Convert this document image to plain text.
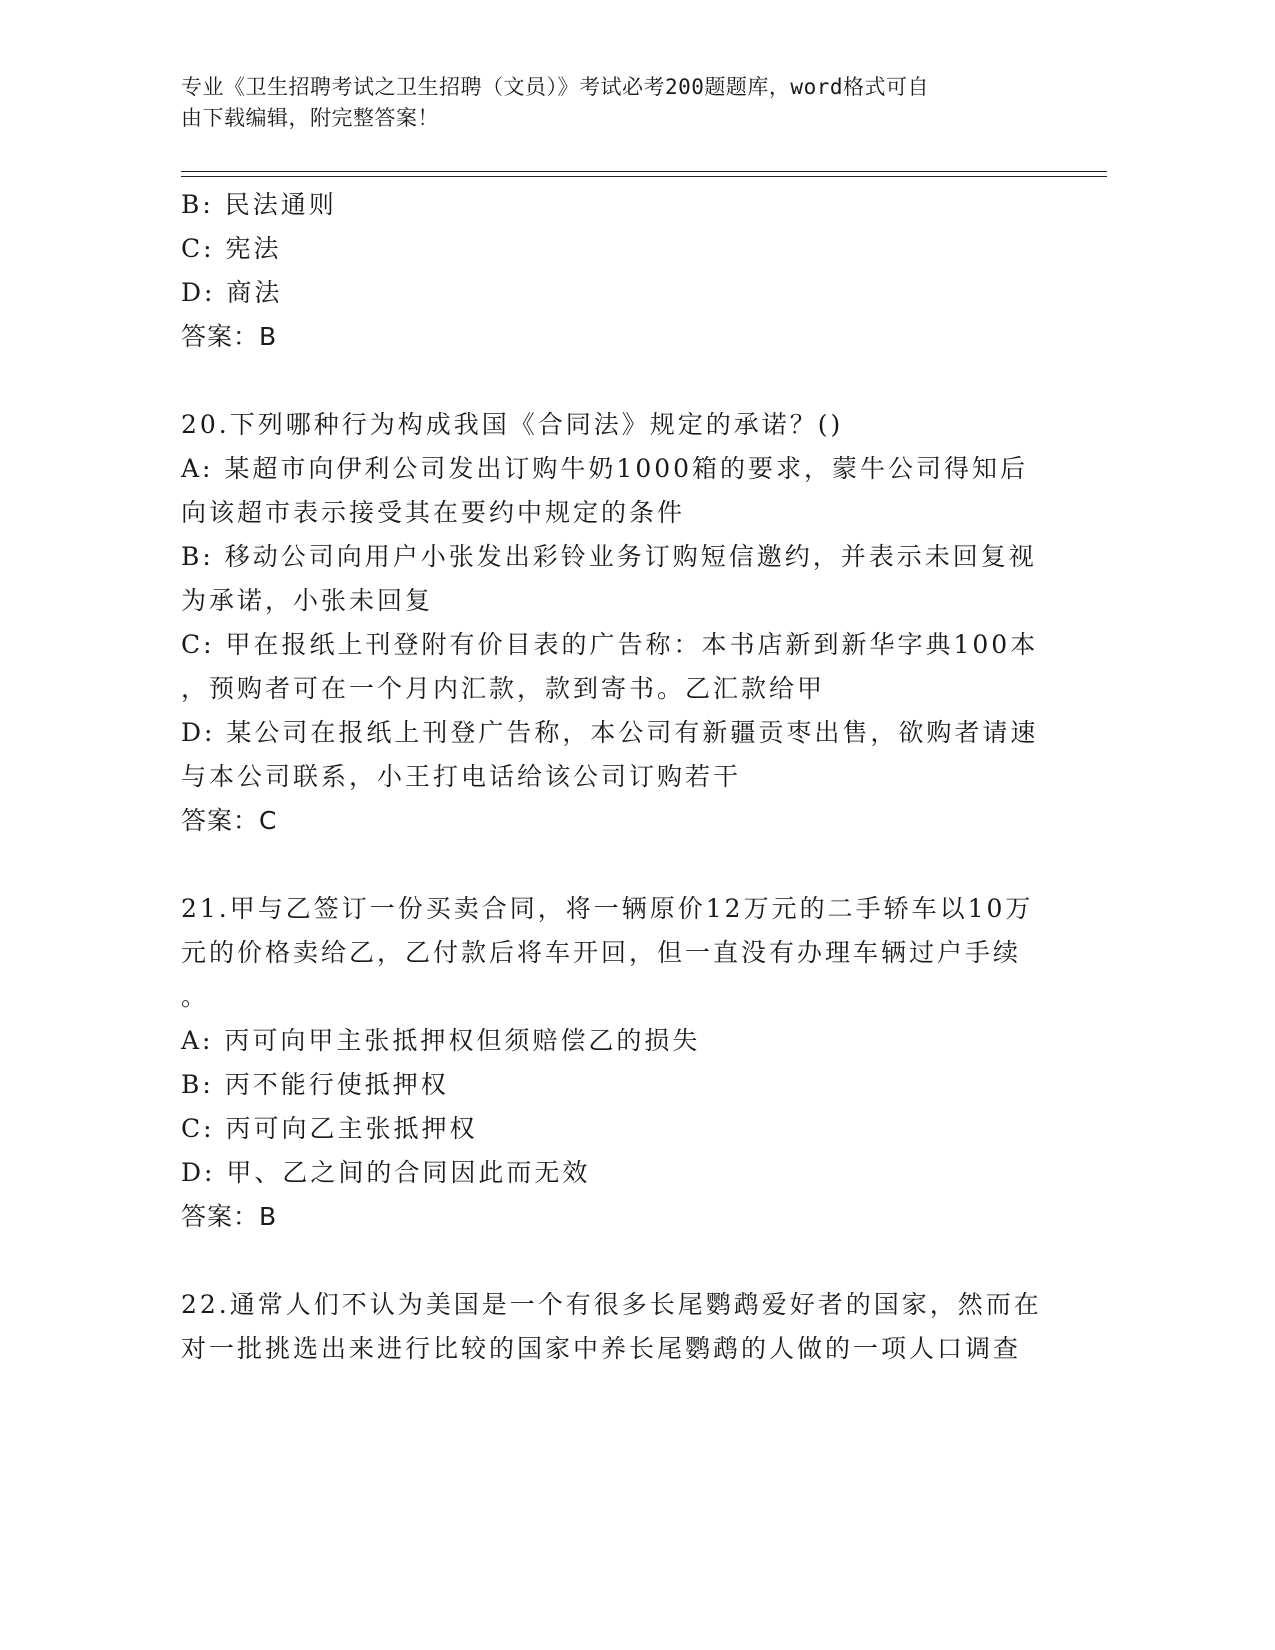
专业《卫生招聘考试之卫生招聘（文员）》考试必考200题题库，word格式可自
由下载编辑，附完整答案！
B: 民法通则
C: 宪法
D: 商法
答案：B
20.下列哪种行为构成我国《合同法》规定的承诺？()
A: 某超市向伊利公司发出订购牛奶1000箱的要求，蒙牛公司得知后
向该超市表示接受其在要约中规定的条件
B: 移动公司向用户小张发出彩铃业务订购短信邀约，并表示未回复视
为承诺，小张未回复
C: 甲在报纸上刊登附有价目表的广告称：本书店新到新华字典100本
，预购者可在一个月内汇款，款到寄书。乙汇款给甲
D: 某公司在报纸上刊登广告称，本公司有新疆贡枣出售，欲购者请速
与本公司联系，小王打电话给该公司订购若干
答案：C
21.甲与乙签订一份买卖合同，将一辆原价12万元的二手轿车以10万
元的价格卖给乙，乙付款后将车开回，但一直没有办理车辆过户手续
。
A: 丙可向甲主张抵押权但须赔偿乙的损失
B: 丙不能行使抵押权
C: 丙可向乙主张抵押权
D: 甲、乙之间的合同因此而无效
答案：B
22.通常人们不认为美国是一个有很多长尾鹦鹉爱好者的国家，然而在
对一批挑选出来进行比较的国家中养长尾鹦鹉的人做的一项人口调查
